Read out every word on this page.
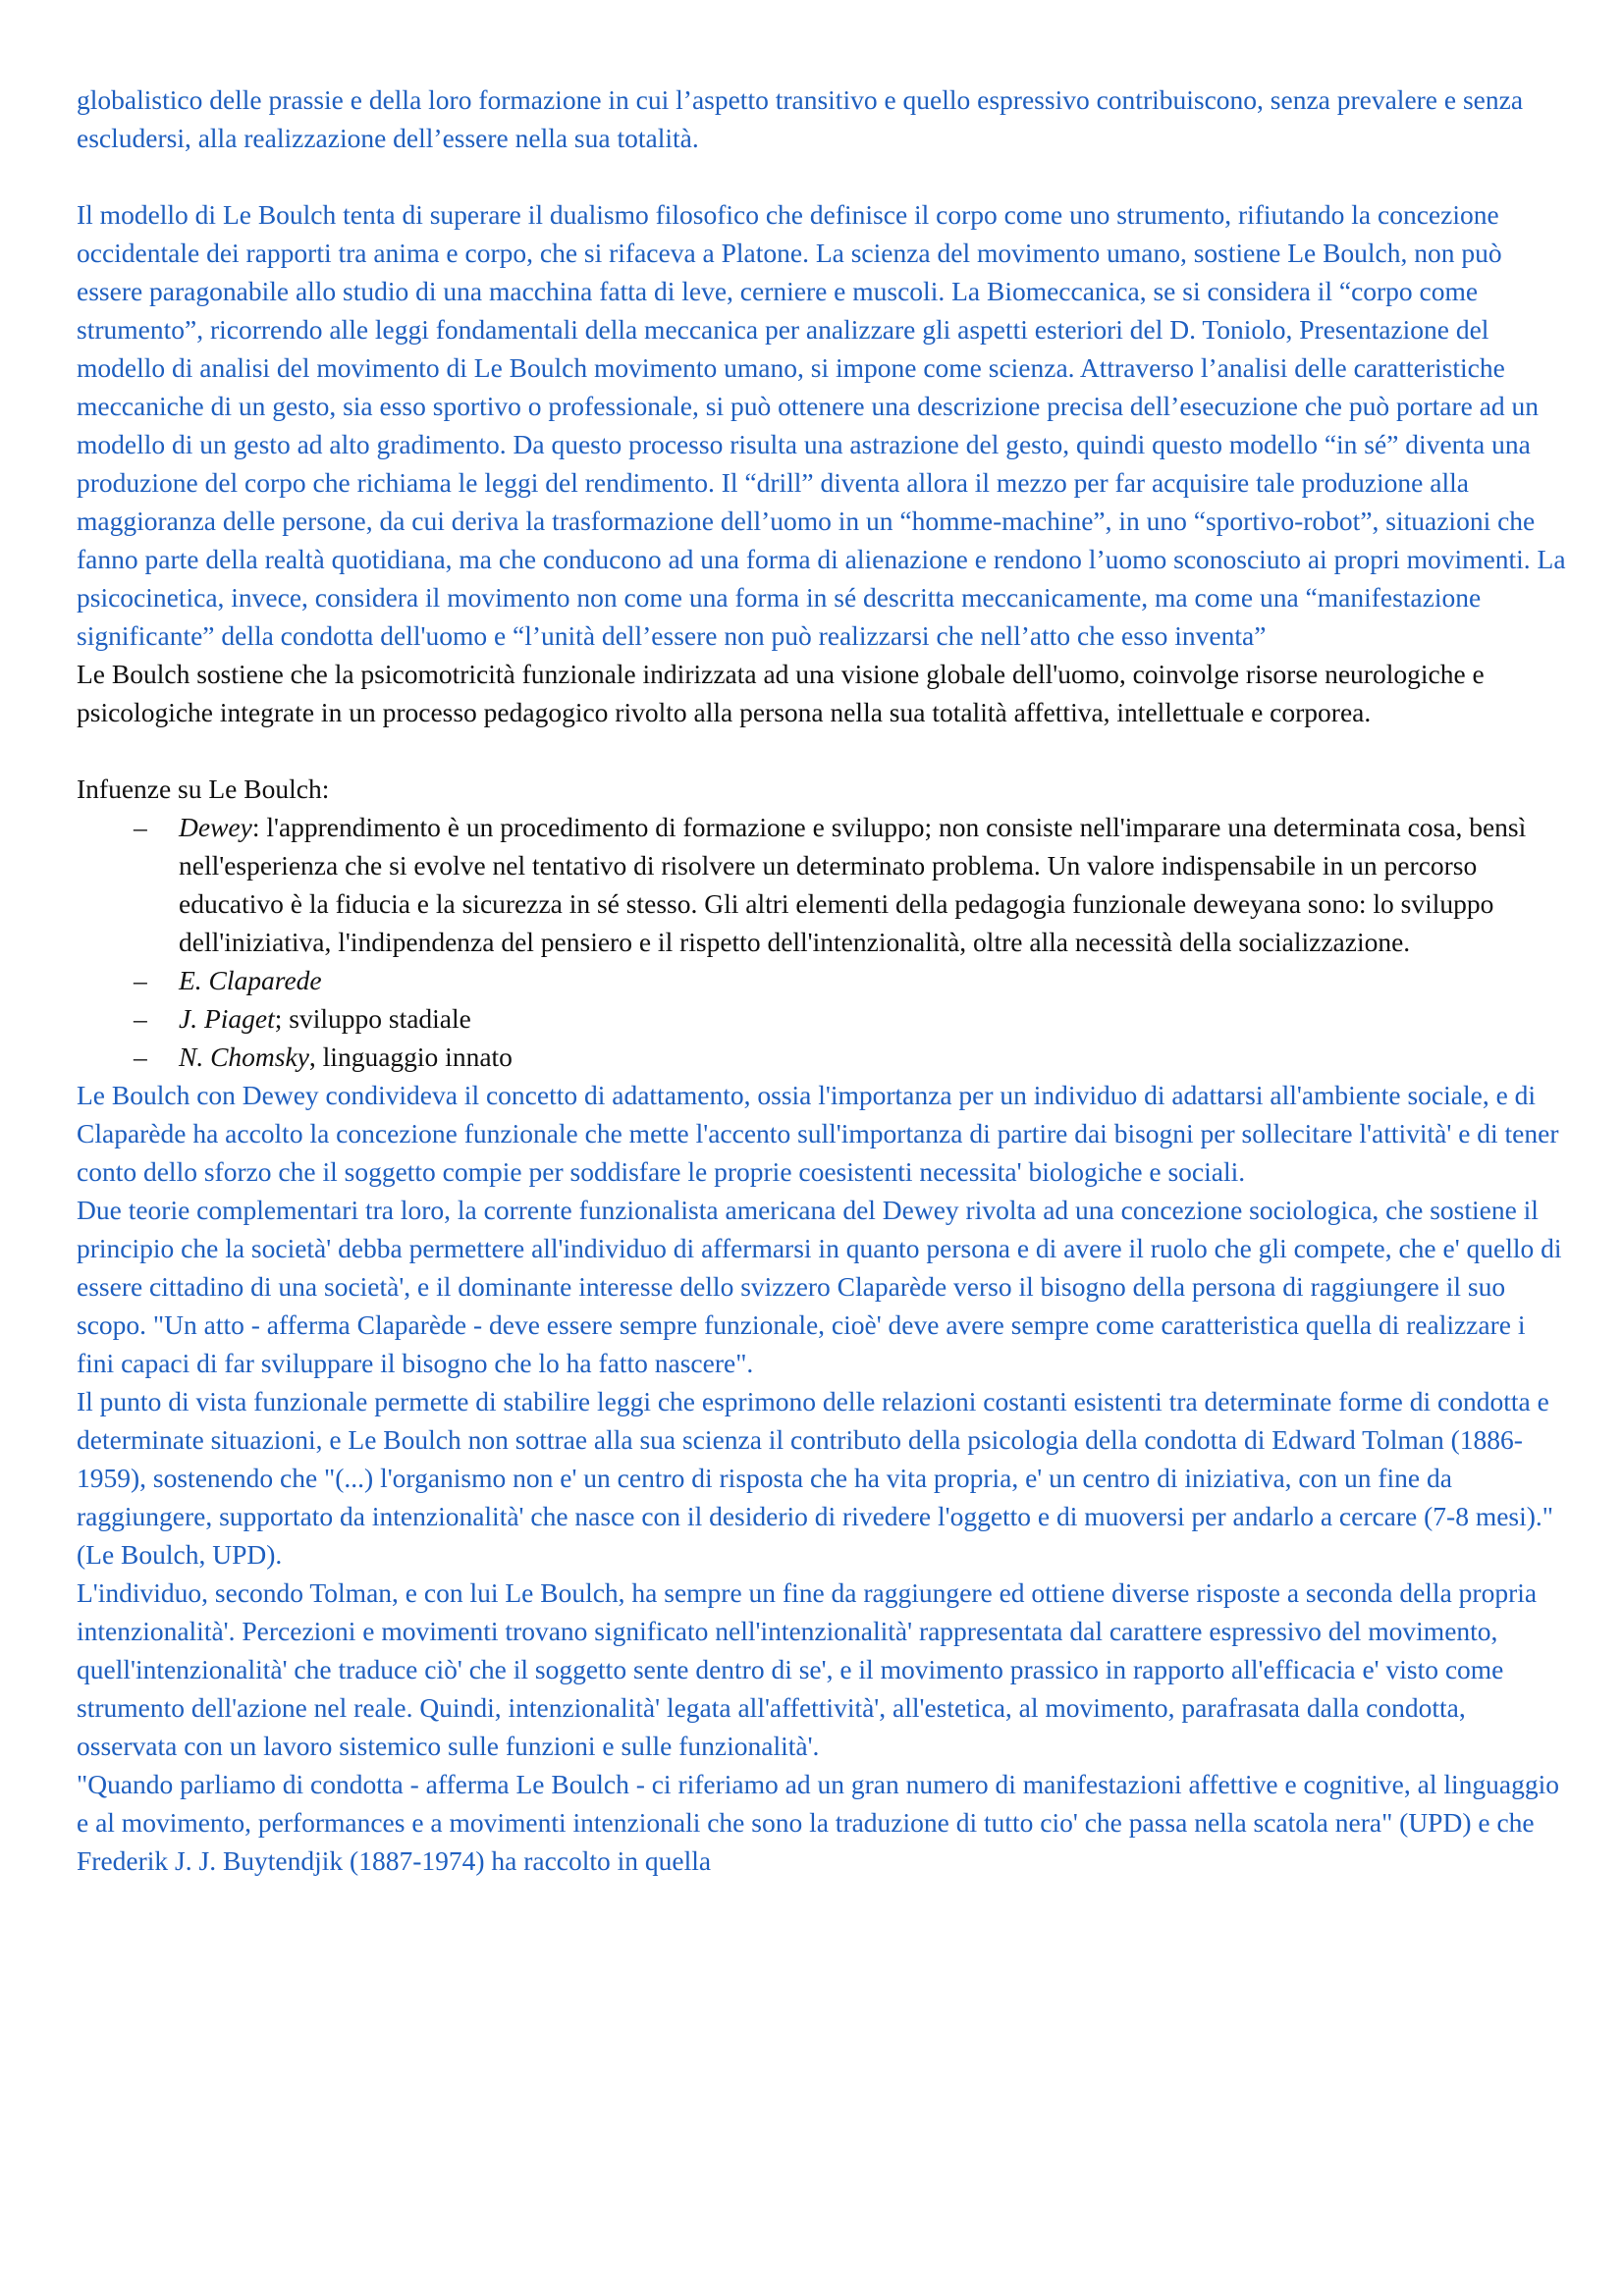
globalistico delle prassie e della loro formazione in cui l’aspetto transitivo e quello espressivo contribuiscono, senza prevalere e senza escludersi, alla realizzazione dell’essere nella sua totalità.

Il modello di Le Boulch tenta di superare il dualismo filosofico che definisce il corpo come uno strumento, rifiutando la concezione occidentale dei rapporti tra anima e corpo, che si rifaceva a Platone. La scienza del movimento umano, sostiene Le Boulch, non può essere paragonabile allo studio di una macchina fatta di leve, cerniere e muscoli. La Biomeccanica, se si considera il “corpo come strumento”, ricorrendo alle leggi fondamentali della meccanica per analizzare gli aspetti esteriori del D. Toniolo, Presentazione del modello di analisi del movimento di Le Boulch movimento umano, si impone come scienza. Attraverso l’analisi delle caratteristiche meccaniche di un gesto, sia esso sportivo o professionale, si può ottenere una descrizione precisa dell’esecuzione che può portare ad un modello di un gesto ad alto gradimento. Da questo processo risulta una astrazione del gesto, quindi questo modello “in sé” diventa una produzione del corpo che richiama le leggi del rendimento. Il “drill” diventa allora il mezzo per far acquisire tale produzione alla maggioranza delle persone, da cui deriva la trasformazione dell’uomo in un “homme-machine”, in uno “sportivo-robot”, situazioni che fanno parte della realtà quotidiana, ma che conducono ad una forma di alienazione e rendono l’uomo sconosciuto ai propri movimenti. La psicocinetica, invece, considera il movimento non come una forma in sé descritta meccanicamente, ma come una “manifestazione significante” della condotta dell'uomo e “l’unità dell’essere non può realizzarsi che nell’atto che esso inventa”

Le Boulch sostiene che la psicomotricità funzionale indirizzata ad una visione globale dell'uomo, coinvolge risorse neurologiche e psicologiche integrate in un processo pedagogico rivolto alla persona nella sua totalità affettiva, intellettuale e corporea.

Infuenze su Le Boulch:

– Dewey: l'apprendimento è un procedimento di formazione e sviluppo; non consiste nell'imparare una determinata cosa, bensì nell'esperienza che si evolve nel tentativo di risolvere un determinato problema. Un valore indispensabile in un percorso educativo è la fiducia e la sicurezza in sé stesso. Gli altri elementi della pedagogia funzionale deweyana sono: lo sviluppo dell'iniziativa, l'indipendenza del pensiero e il rispetto dell'intenzionalità, oltre alla necessità della socializzazione.
– E. Claparede
– J. Piaget; sviluppo stadiale
– N. Chomsky, linguaggio innato

Le Boulch con Dewey condivideva il concetto di adattamento, ossia l'importanza per un individuo di adattarsi all'ambiente sociale, e di Claparède ha accolto la concezione funzionale che mette l'accento sull'importanza di partire dai bisogni per sollecitare l'attività' e di tener conto dello sforzo che il soggetto compie per soddisfare le proprie coesistenti necessita' biologiche e sociali.

Due teorie complementari tra loro, la corrente funzionalista americana del Dewey rivolta ad una concezione sociologica, che sostiene il principio che la società' debba permettere all'individuo di affermarsi in quanto persona e di avere il ruolo che gli compete, che e' quello di essere cittadino di una società', e il dominante interesse dello svizzero Claparède verso il bisogno della persona di raggiungere il suo scopo. "Un atto - afferma Claparède - deve essere sempre funzionale, cioè' deve avere sempre come caratteristica quella di realizzare i fini capaci di far sviluppare il bisogno che lo ha fatto nascere".

Il punto di vista funzionale permette di stabilire leggi che esprimono delle relazioni costanti esistenti tra determinate forme di condotta e determinate situazioni, e Le Boulch non sottrae alla sua scienza il contributo della psicologia della condotta di Edward Tolman (1886-1959), sostenendo che "(...) l'organismo non e' un centro di risposta che ha vita propria, e' un centro di iniziativa, con un fine da raggiungere, supportato da intenzionalità' che nasce con il desiderio di rivedere l'oggetto e di muoversi per andarlo a cercare (7-8 mesi)." (Le Boulch, UPD).

L'individuo, secondo Tolman, e con lui Le Boulch, ha sempre un fine da raggiungere ed ottiene diverse risposte a seconda della propria intenzionalità'. Percezioni e movimenti trovano significato nell'intenzionalità' rappresentata dal carattere espressivo del movimento, quell'intenzionalità' che traduce ciò' che il soggetto sente dentro di se', e il movimento prassico in rapporto all'efficacia e' visto come strumento dell'azione nel reale. Quindi, intenzionalità' legata all'affettività', all'estetica, al movimento, parafrasata dalla condotta, osservata con un lavoro sistemico sulle funzioni e sulle funzionalità'.

"Quando parliamo di condotta - afferma Le Boulch - ci riferiamo ad un gran numero di manifestazioni affettive e cognitive, al linguaggio e al movimento, performances e a movimenti intenzionali che sono la traduzione di tutto cio' che passa nella scatola nera" (UPD) e che Frederik J. J. Buytendjik (1887-1974) ha raccolto in quella
